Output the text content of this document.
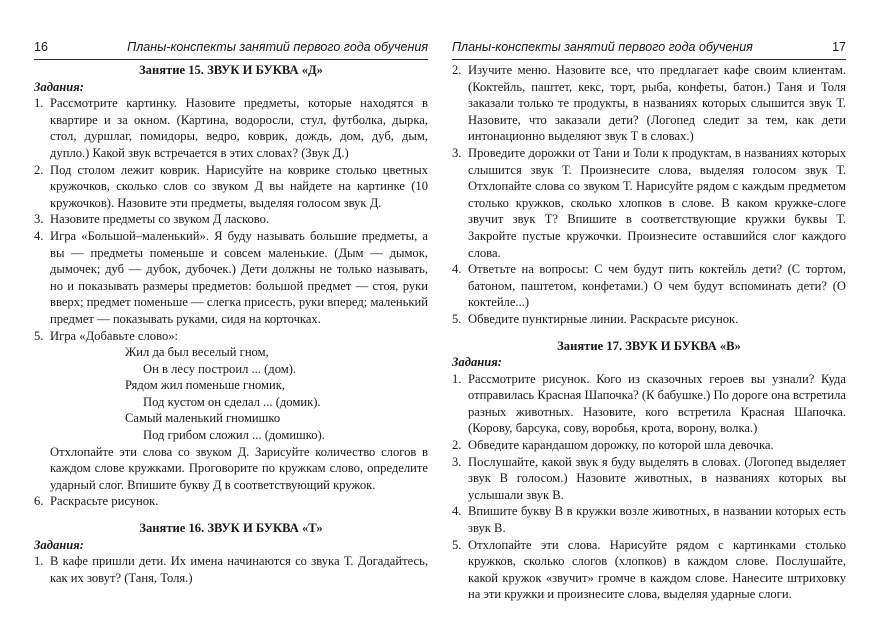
16	Планы-конспекты занятий первого года обучения
Занятие 15. ЗВУК И БУКВА «Д»

Задания:

1. Рассмотрите картинку. Назовите предметы, которые находятся в квартире и за окном. (Картина, водоросли, стул, футболка, дырка, стол, дуршлаг, помидоры, ведро, коврик, дождь, дом, дуб, дым, дупло.) Какой звук встречается в этих словах? (Звук Д.)
2. Под столом лежит коврик. Нарисуйте на коврике столько цветных кружочков, сколько слов со звуком Д вы найдете на картинке (10 кружочков). Назовите эти предметы, выделяя голосом звук Д.
3. Назовите предметы со звуком Д ласково.
4. Игра «Большой–маленький». Я буду называть большие предметы, а вы — предметы поменьше и совсем маленькие. (Дым — дымок, дымочек; дуб — дубок, дубочек.) Дети должны не только называть, но и показывать размеры предметов: большой предмет — стоя, руки вверх; предмет поменьше — слегка присесть, руки вперед; маленький предмет — показывать руками, сидя на корточках.
5. Игра «Добавьте слово»:
Жил да был веселый гном,
Он в лесу построил ... (дом).
Рядом жил поменьше гномик,
Под кустом он сделал ... (домик).
Самый маленький гномишко
Под грибом сложил ... (домишко).

Отхлопайте эти слова со звуком Д. Зарисуйте количество слогов в каждом слове кружками. Проговорите по кружкам слово, определите ударный слог. Впишите букву Д в соответствующий кружок.

6. Раскрасьте рисунок.
Занятие 16. ЗВУК И БУКВА «Т»

Задания:

1. В кафе пришли дети. Их имена начинаются со звука Т. Догадайтесь, как их зовут? (Таня, Толя.)
Планы-конспекты занятий первого года обучения	17
2. Изучите меню. Назовите все, что предлагает кафе своим клиентам. (Коктейль, паштет, кекс, торт, рыба, конфеты, батон.) Таня и Толя заказали только те продукты, в названиях которых слышится звук Т. Назовите, что заказали дети? (Логопед следит за тем, как дети интонационно выделяют звук Т в словах.)
3. Проведите дорожки от Тани и Толи к продуктам, в названиях которых слышится звук Т. Произнесите слова, выделяя голосом звук Т. Отхлопайте слова со звуком Т. Нарисуйте рядом с каждым предметом столько кружков, сколько хлопков в слове. В каком кружке-слоге звучит звук Т? Впишите в соответствующие кружки буквы Т. Закройте пустые кружочки. Произнесите оставшийся слог каждого слова.
4. Ответьте на вопросы: С чем будут пить коктейль дети? (С тортом, батоном, паштетом, конфетами.) О чем будут вспоминать дети? (О коктейле...)
5. Обведите пунктирные линии. Раскрасьте рисунок.
Занятие 17. ЗВУК И БУКВА «В»

Задания:

1. Рассмотрите рисунок. Кого из сказочных героев вы узнали? Куда отправилась Красная Шапочка? (К бабушке.) По дороге она встретила разных животных. Назовите, кого встретила Красная Шапочка. (Корову, барсука, сову, воробья, крота, ворону, волка.)
2. Обведите карандашом дорожку, по которой шла девочка.
3. Послушайте, какой звук я буду выделять в словах. (Логопед выделяет звук В голосом.) Назовите животных, в названиях которых вы услышали звук В.
4. Впишите букву В в кружки возле животных, в названии которых есть звук В.
5. Отхлопайте эти слова. Нарисуйте рядом с картинками столько кружков, сколько слогов (хлопков) в каждом слове. Послушайте, какой кружок «звучит» громче в каждом слове. Нанесите штриховку на эти кружки и произнесите слова, выделяя ударные слоги.
